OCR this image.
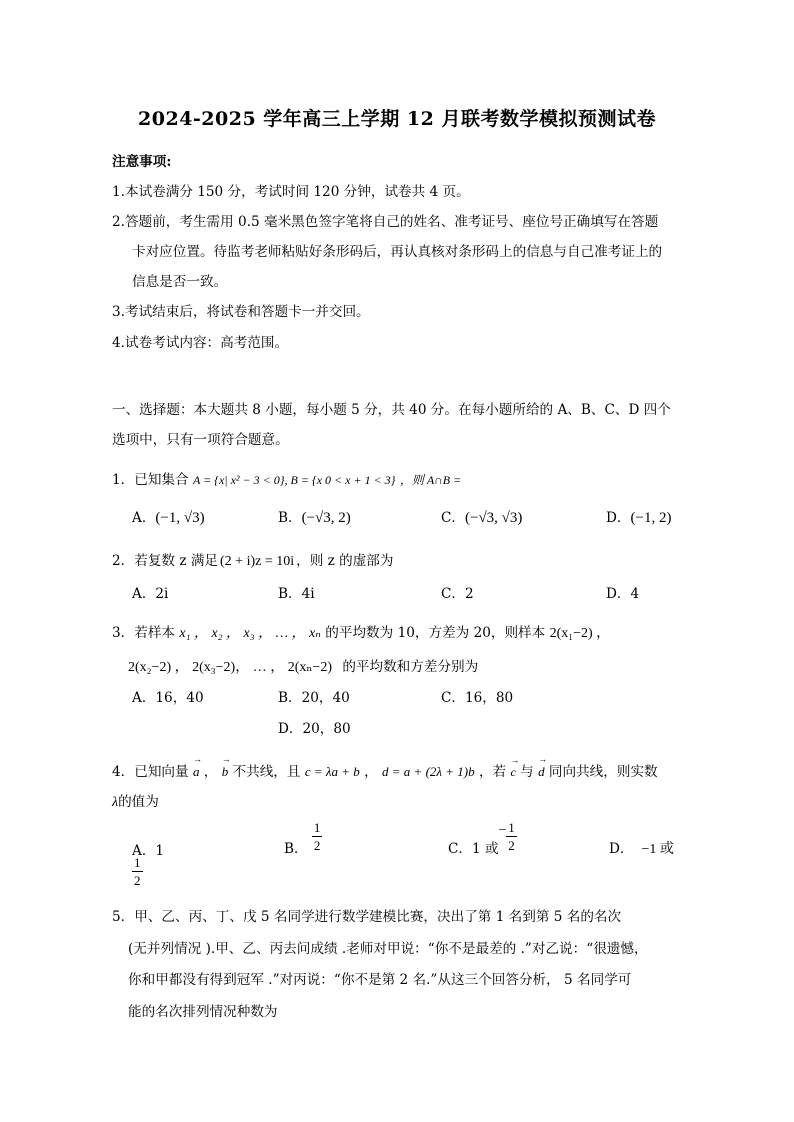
2024-2025 学年高三上学期 12 月联考数学模拟预测试卷
注意事项:
1.本试卷满分 150 分，考试时间 120 分钟，试卷共 4 页。
2.答题前，考生需用 0.5 毫米黑色签字笔将自己的姓名、准考证号、座位号正确填写在答题
卡对应位置。待监考老师粘贴好条形码后，再认真核对条形码上的信息与自己准考证上的
信息是否一致。
3.考试结束后，将试卷和答题卡一并交回。
4.试卷考试内容：高考范围。
一、选择题：本大题共 8 小题，每小题 5 分，共 40 分。在每小题所给的 A、B、C、D 四个
选项中，只有一项符合题意。
1．已知集合 A = {x| x² − 3 < 0}, B = {x 0 < x + 1 < 3} ，则 A∩B =
A．(−1, √3)	B．(−√3, 2)	C．(−√3, √3)	D．(−1, 2)
2．若复数 z 满足 (2 + i)z = 10i ，则 z 的虚部为
A．2i	B．4i	C．2	D．4
3．若样本 x₁ ， x₂ ， x₃ ， … ， xₙ 的平均数为 10，方差为 20，则样本 2(x₁−2) ，
2(x₂−2) ， 2(x₃−2)， … ， 2(xₙ−2) 的平均数和方差分别为
A．16，40	B．20，40	C．16，80
D．20，80
4．已知向量 → a ， → b 不共线，且 c = λa + b ， d = a + (2λ + 1)b ，若 → c 与 → d 同向共线，则实数
λ的值为
A．1	B． $\frac{1}{2}$	C．1 或− $\frac{1}{2}$	D． −1 或
$\frac{1}{2}$
5．甲、乙、丙、丁、戊 5 名同学进行数学建模比赛，决出了第 1 名到第 5 名的名次
(无并列情况 ).甲、乙、丙去问成绩 .老师对甲说：“你不是最差的 .”对乙说：“很遗憾，
你和甲都没有得到冠军 .”对丙说：“你不是第 2 名.”从这三个回答分析， 5 名同学可
能的名次排列情况种数为
